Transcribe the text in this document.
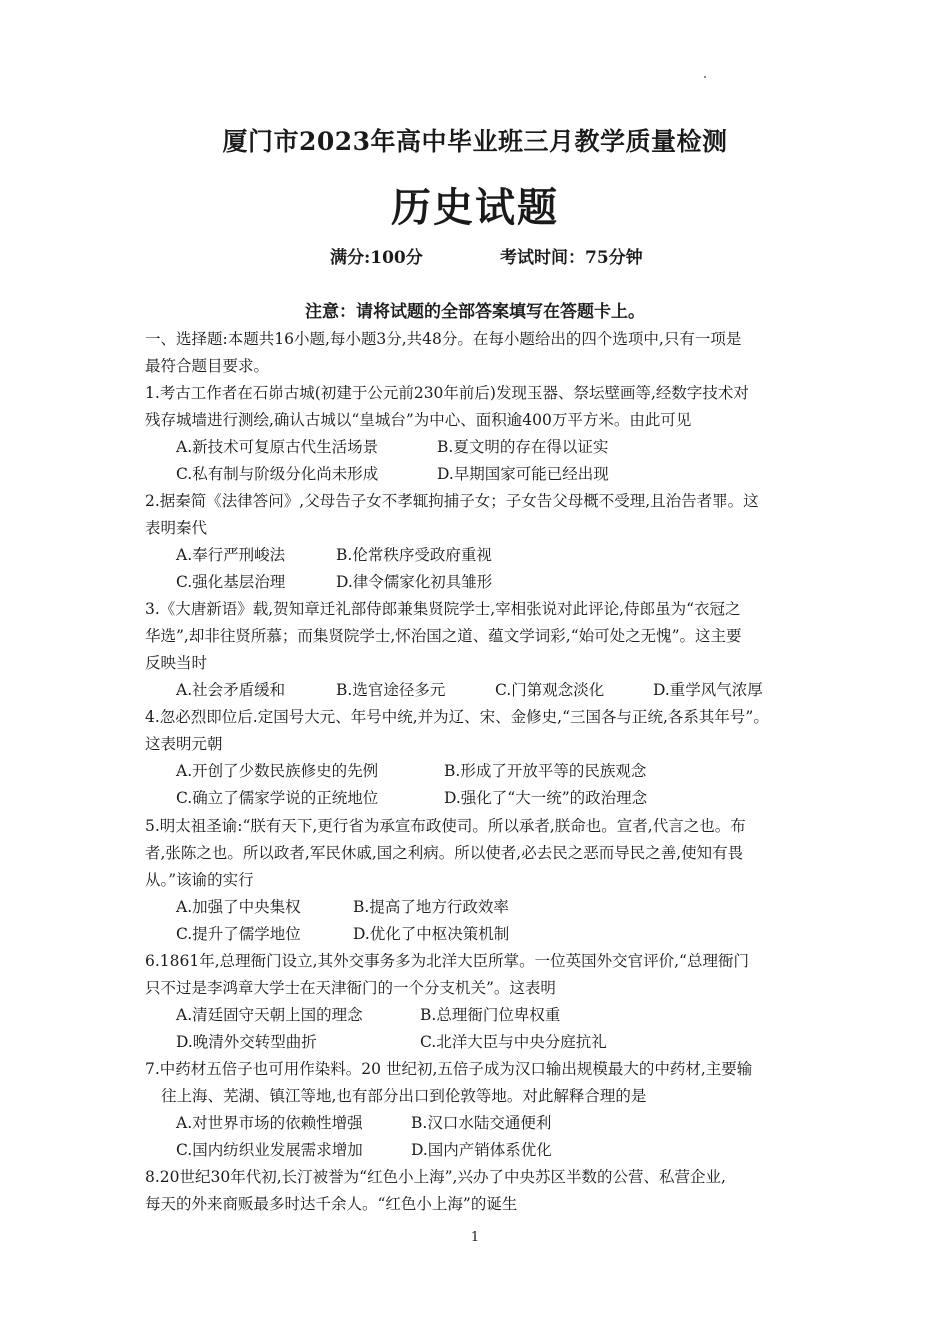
厦门市2023年高中毕业班三月教学质量检测
历史试题
满分:100分	考试时间：75分钟
注意：请将试题的全部答案填写在答题卡上。
一、选择题:本题共16小题,每小题3分,共48分。在每小题给出的四个选项中,只有一项是
最符合题目要求。
1.考古工作者在石峁古城(初建于公元前230年前后)发现玉器、祭坛壁画等,经数字技术对
残存城墙进行测绘,确认古城以“皇城台”为中心、面积逾400万平方米。由此可见
A.新技术可复原古代生活场景	B.夏文明的存在得以证实
C.私有制与阶级分化尚未形成	D.早期国家可能已经出现
2.据秦简《法律答问》,父母告子女不孝辄拘捕子女；子女告父母概不受理,且治告者罪。这
表明秦代
A.奉行严刑峻法	B.伦常秩序受政府重视
C.强化基层治理	D.律令儒家化初具雏形
3.《大唐新语》载,贺知章迁礼部侍郎兼集贤院学士,宰相张说对此评论,侍郎虽为“衣冠之
华选”,却非往贤所慕；而集贤院学士,怀治国之道、蕴文学词彩,“始可处之无愧”。这主要
反映当时
A.社会矛盾缓和	B.选官途径多元	C.门第观念淡化	D.重学风气浓厚
4.忽必烈即位后.定国号大元、年号中统,并为辽、宋、金修史,“三国各与正统,各系其年号”。
这表明元朝
A.开创了少数民族修史的先例	B.形成了开放平等的民族观念
C.确立了儒家学说的正统地位	D.强化了“大一统”的政治理念
5.明太祖圣谕:“朕有天下,更行省为承宣布政使司。所以承者,朕命也。宣者,代言之也。布
者,张陈之也。所以政者,军民休戚,国之利病。所以使者,必去民之恶而导民之善,使知有畏
从。”该谕的实行
A.加强了中央集权	B.提高了地方行政效率
C.提升了儒学地位	D.优化了中枢决策机制
6.1861年,总理衙门设立,其外交事务多为北洋大臣所掌。一位英国外交官评价,“总理衙门
只不过是李鸿章大学士在天津衙门的一个分支机关”。这表明
A.清廷固守天朝上国的理念	B.总理衙门位卑权重
D.晚清外交转型曲折	C.北洋大臣与中央分庭抗礼
7.中药材五倍子也可用作染料。20 世纪初,五倍子成为汉口输出规模最大的中药材,主要输
往上海、芜湖、镇江等地,也有部分出口到伦敦等地。对此解释合理的是
A.对世界市场的依赖性增强	B.汉口水陆交通便利
C.国内纺织业发展需求增加	D.国内产销体系优化
8.20世纪30年代初,长汀被誉为“红色小上海”,兴办了中央苏区半数的公营、私营企业,
每天的外来商贩最多时达千余人。“红色小上海”的诞生
1
